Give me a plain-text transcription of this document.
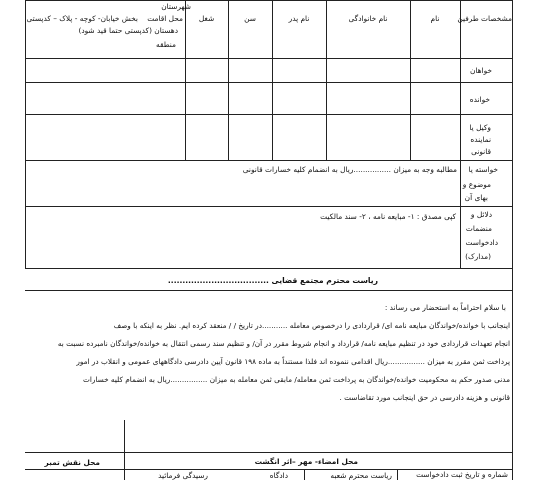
مشخصات طرفین
نام
نام خانوادگی
نام پدر
سن
شغل
شهرستان
محل اقامت
بخش خیابان- کوچه - پلاک – کدپستی
دهستان (کدپستی حتما قید شود)
منطقه
خواهان
خوانده
وکیل یا
نماینده
قانونی
خواسته یا
موضوع و
بهای آن
دلائل و
منضمات
دادخواست
(مدارک)
مطالبه وجه به میزان ................ریال به انضمام کلیه خسارات قانونی
کپی مصدق : ۱- مبایعه نامه ، ۲- سند مالکیت
ریاست محترم مجتمع قضایی ...................................
با سلام احتراماً به استحضار می رساند :
اینجانب با خوانده/خواندگان مبایعه نامه ای/ قراردادی را درخصوص معامله ...........در تاریخ / / منعقد کرده ایم. نظر به اینکه با وصف
انجام تعهدات قراردادی خود در تنظیم مبایعه نامه/ قرارداد و انجام شروط مقرر در آن/ و تنظیم سند رسمی انتقال به خوانده/خواندگان نامبرده نسبت به
پرداخت ثمن مقرر به میزان ................ریال اقدامی ننموده اند فلذا مستنداً به ماده ۱۹۸ قانون آیین دادرسی دادگاههای عمومی و انقلاب در امور
مدنی صدور حکم به محکومیت خوانده/خواندگان به پرداخت ثمن معامله/ مابقی ثمن معامله به میزان ................ریال به انضمام کلیه خسارات
قانونی و هزینه دادرسی در حق اینجانب مورد تقاضاست .
محل نقش تمبر	محل امضاء- مهر –اثر انگشت
شماره و تاریخ ثبت دادخواست
ریاست محترم شعبه
دادگاه
رسیدگی فرمائید
